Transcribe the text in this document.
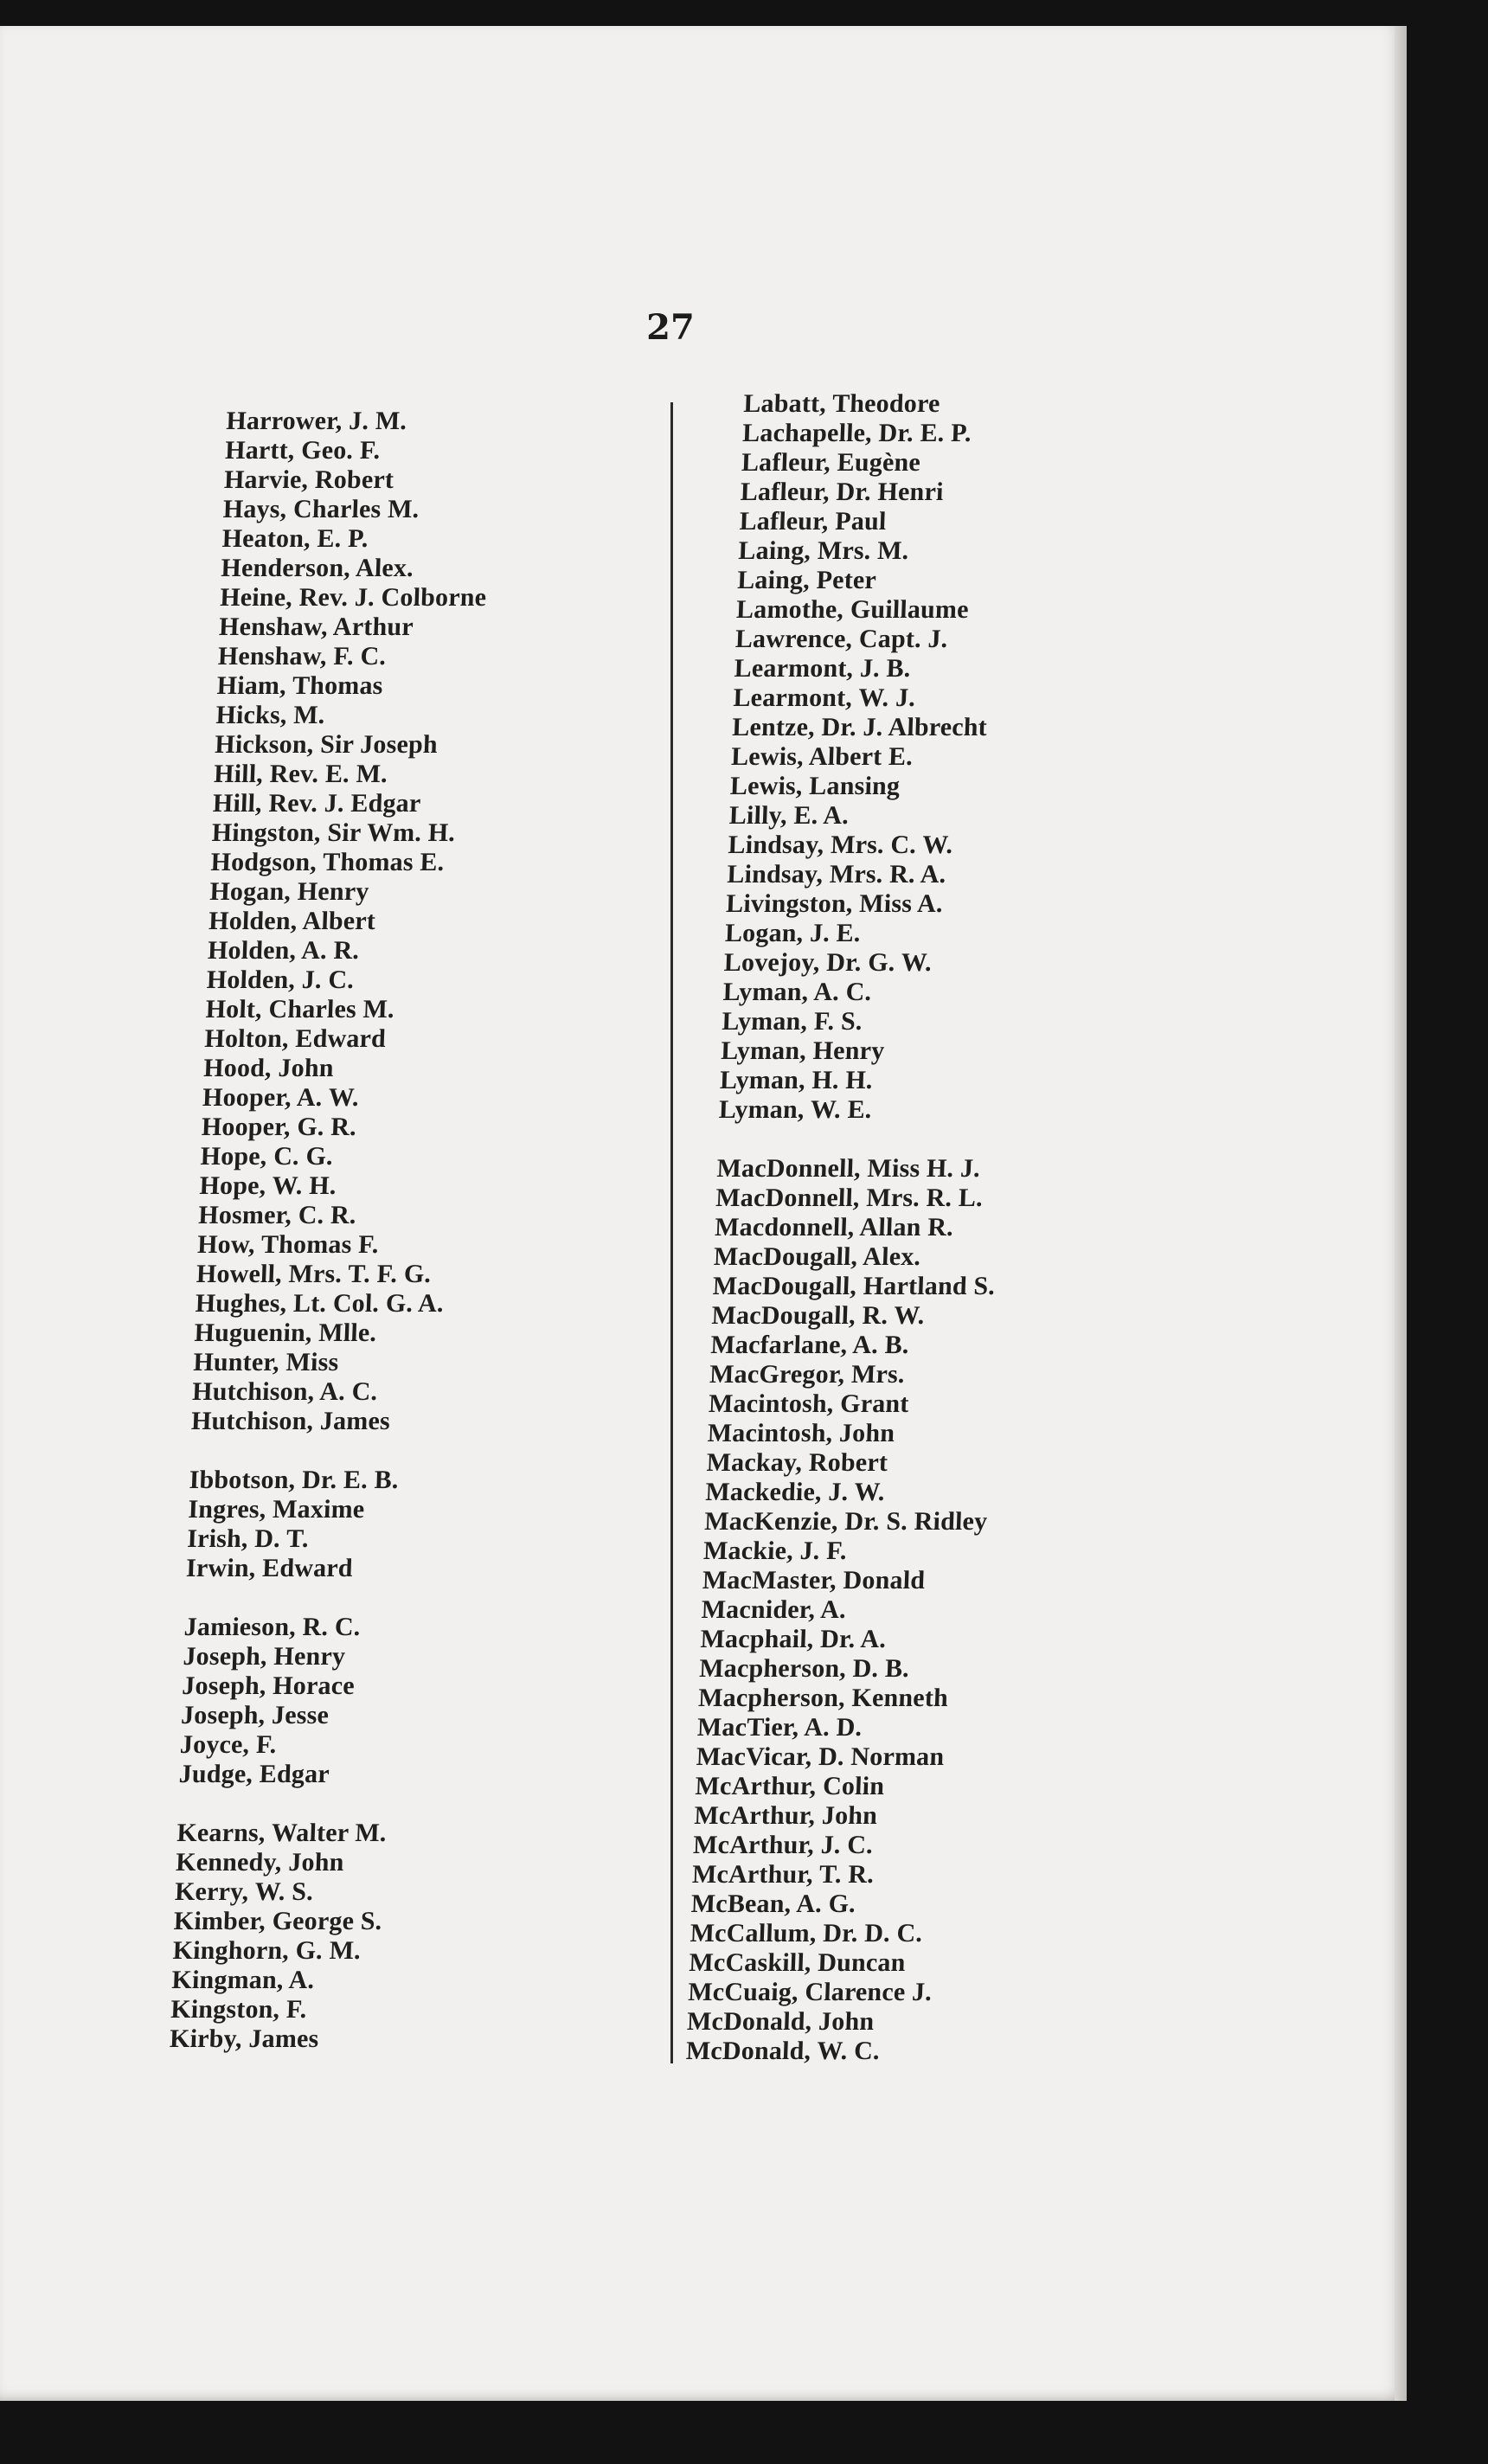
27

Harrower, J. M.
Hartt, Geo. F.
Harvie, Robert
Hays, Charles M.
Heaton, E. P.
Henderson, Alex.
Heine, Rev. J. Colborne
Henshaw, Arthur
Henshaw, F. C.
Hiam, Thomas
Hicks, M.
Hickson, Sir Joseph
Hill, Rev. E. M.
Hill, Rev. J. Edgar
Hingston, Sir Wm. H.
Hodgson, Thomas E.
Hogan, Henry
Holden, Albert
Holden, A. R.
Holden, J. C.
Holt, Charles M.
Holton, Edward
Hood, John
Hooper, A. W.
Hooper, G. R.
Hope, C. G.
Hope, W. H.
Hosmer, C. R.
How, Thomas F.
Howell, Mrs. T. F. G.
Hughes, Lt. Col. G. A.
Huguenin, Mlle.
Hunter, Miss
Hutchison, A. C.
Hutchison, James
Ibbotson, Dr. E. B.
Ingres, Maxime
Irish, D. T.
Irwin, Edward
Jamieson, R. C.
Joseph, Henry
Joseph, Horace
Joseph, Jesse
Joyce, F.
Judge, Edgar
Kearns, Walter M.
Kennedy, John
Kerry, W. S.
Kimber, George S.
Kinghorn, G. M.
Kingman, A.
Kingston, F.
Kirby, James
Labatt, Theodore
Lachapelle, Dr. E. P.
Lafleur, Eugène
Lafleur, Dr. Henri
Lafleur, Paul
Laing, Mrs. M.
Laing, Peter
Lamothe, Guillaume
Lawrence, Capt. J.
Learmont, J. B.
Learmont, W. J.
Lentze, Dr. J. Albrecht
Lewis, Albert E.
Lewis, Lansing
Lilly, E. A.
Lindsay, Mrs. C. W.
Lindsay, Mrs. R. A.
Livingston, Miss A.
Logan, J. E.
Lovejoy, Dr. G. W.
Lyman, A. C.
Lyman, F. S.
Lyman, Henry
Lyman, H. H.
Lyman, W. E.
MacDonnell, Miss H. J.
MacDonnell, Mrs. R. L.
Macdonnell, Allan R.
MacDougall, Alex.
MacDougall, Hartland S.
MacDougall, R. W.
Macfarlane, A. B.
MacGregor, Mrs.
Macintosh, Grant
Macintosh, John
Mackay, Robert
Mackedie, J. W.
MacKenzie, Dr. S. Ridley
Mackie, J. F.
MacMaster, Donald
Macnider, A.
Macphail, Dr. A.
Macpherson, D. B.
Macpherson, Kenneth
MacTier, A. D.
MacVicar, D. Norman
McArthur, Colin
McArthur, John
McArthur, J. C.
McArthur, T. R.
McBean, A. G.
McCallum, Dr. D. C.
McCaskill, Duncan
McCuaig, Clarence J.
McDonald, John
McDonald, W. C.
